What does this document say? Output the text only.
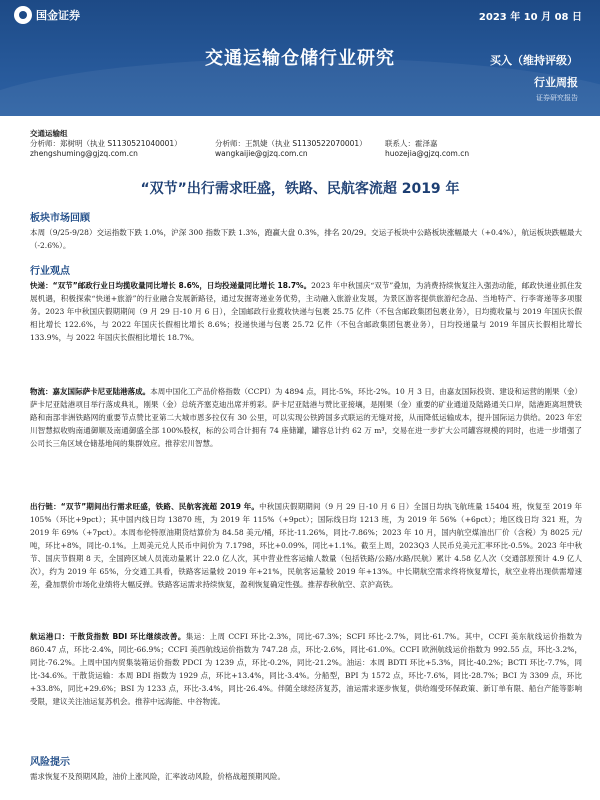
国金证券	2023 年 10 月 08 日
交通运输仓储行业研究	买入（维持评级）
行业周报
证券研究报告
交通运输组
分析师：郑树明（执业 S1130521040001）	分析师：王凯婕（执业 S1130522070001）	联系人：霍泽嘉
zhengshuming@gjzq.com.cn	wangkaijie@gjzq.com.cn	huozejia@gjzq.com.cn
“双节”出行需求旺盛，铁路、民航客流超 2019 年
板块市场回顾
本周（9/25-9/28）交运指数下跌 1.0%，沪深 300 指数下跌 1.3%，跑赢大盘 0.3%，排名 20/29。交运子板块中公路板块涨幅最大（+0.4%），航运板块跌幅最大（-2.6%）。
行业观点
快递：“双节”邮政行业日均揽收量同比增长 8.6%，日均投递量同比增长 18.7%。2023 年中秋国庆“双节”叠加，为消费持续恢复注入强劲动能，邮政快递业抓住发展机遇，积极探索“快递+旅游”的行业融合发展新路径，通过发掘寄递业务优势，主动融入旅游业发展，为景区游客提供旅游纪念品、当地特产、行李寄递等多项服务。2023 年中秋国庆假期期间（9 月 29 日-10 月 6 日），全国邮政行业揽收快递与包裹 25.75 亿件（不包含邮政集团包裹业务），日均揽收量与 2019 年国庆长假相比增长 122.6%，与 2022 年国庆长假相比增长 8.6%；投递快递与包裹 25.72 亿件（不包含邮政集团包裹业务），日均投递量与 2019 年国庆长假相比增长 133.9%，与 2022 年国庆长假相比增长 18.7%。
物流：嘉友国际萨卡尼亚陆港落成。本周中国化工产品价格指数（CCPI）为 4894 点，同比-5%，环比-2%。10 月 3 日，由嘉友国际投资、建设和运营的刚果（金）萨卡尼亚陆港项目举行落成典礼，刚果（金）总统齐塞克迪出席并剪彩。萨卡尼亚陆港与赞比亚接壤，是刚果（金）重要的矿业通道及陆路通关口岸，陆港距离坦赞铁路和南部非洲铁路网的重要节点赞比亚第二大城市恩多拉仅有 30 公里，可以实现公铁跨国多式联运的无缝对接，从而降低运输成本，提升国际运力供给。2023 年宏川智慧拟收购南通御顺及南通御盛全部 100%股权，标的公司合计拥有 74 座储罐，罐容总计约 62 万 m³，交易在进一步扩大公司罐容规模的同时，也进一步增强了公司长三角区域仓储基地间的集群效应。推荐宏川智慧。
出行链：“双节”期间出行需求旺盛，铁路、民航客流超 2019 年。中秋国庆假期期间（9 月 29 日-10 月 6 日）全国日均执飞航班量 15404 班，恢复至 2019 年 105%（环比+9pct）；其中国内线日均 13870 班，为 2019 年 115%（+9pct）；国际线日均 1213 班，为 2019 年 56%（+6pct）；地区线日均 321 班，为 2019 年 69%（+7pct）。本周布伦特原油期货结算价为 84.58 美元/桶，环比-11.26%，同比-7.86%；2023 年 10 月，国内航空煤油出厂价（含税）为 8025 元/吨，环比+8%，同比-0.1%。上周美元兑人民币中间价为 7.1798，环比+0.09%，同比+1.1%。截至上周，2023Q3 人民币兑美元汇率环比-0.5%。2023 年中秋节、国庆节假期 8 天，全国跨区域人员流动量累计 22.0 亿人次，其中营业性客运输人数量（包括铁路/公路/水路/民航）累计 4.58 亿人次（交通部原预计 4.9 亿人次），约为 2019 年 65%，分交通工具看，铁路客运量较 2019 年+21%，民航客运量较 2019 年+13%。中长期航空需求终将恢复增长，航空业将出现供需增速差，叠加票价市场化业绩将大幅反弹。铁路客运需求持续恢复，盈利恢复确定性强。推荐春秋航空、京沪高铁。
航运港口：干散货指数 BDI 环比继续改善。集运：上周 CCFI 环比-2.3%，同比-67.3%；SCFI 环比-2.7%，同比-61.7%。其中，CCFI 美东航线运价指数为 860.47 点，环比-2.4%，同比-66.9%；CCFI 美西航线运价指数为 747.28 点，环比-2.6%，同比-61.0%。CCFI 欧洲航线运价指数为 992.55 点，环比-3.2%，同比-76.2%。上周中国内贸集装箱运价指数 PDCI 为 1239 点，环比-0.2%，同比-21.2%。油运：本周 BDTI 环比+5.3%，同比-40.2%；BCTI 环比-7.7%，同比-34.6%。干散货运输：本周 BDI 指数为 1929 点，环比+13.4%，同比-3.4%。分船型，BPI 为 1572 点，环比-7.6%，同比-28.7%；BCI 为 3309 点，环比+33.8%，同比+29.6%；BSI 为 1233 点，环比-3.4%，同比-26.4%。伴随全球经济复苏，油运需求逐步恢复，供给端受环保政策、新订单有限、船台产能等影响受限，建议关注油运复苏机会。推荐中远海能、中谷物流。
风险提示
需求恢复不及预期风险，油价上涨风险，汇率波动风险，价格战超预期风险。
